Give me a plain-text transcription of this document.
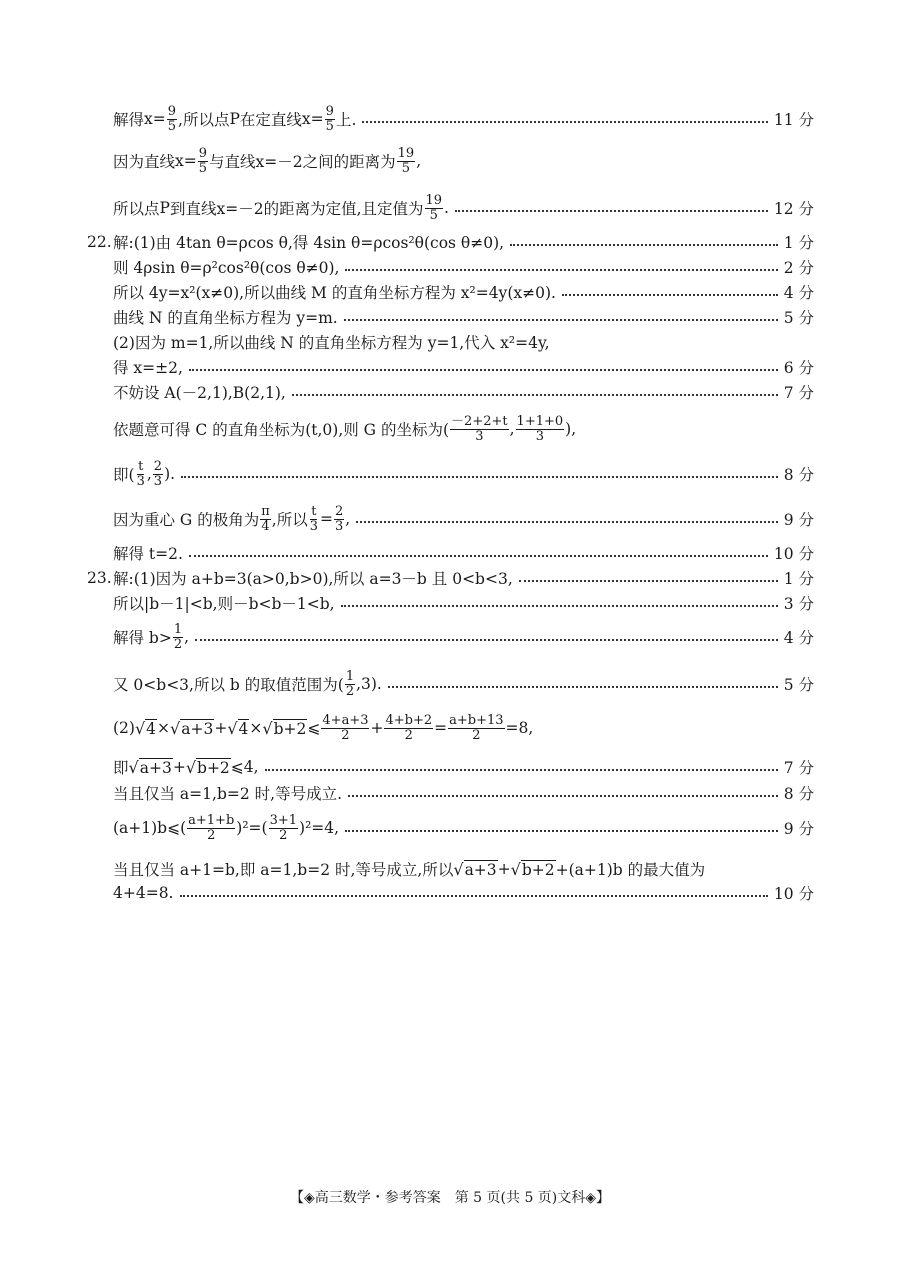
解得 $x= \frac{9}{5}$ ,所以点 P 在定直线 $x= \frac{9}{5}$ 上.	11 分
因为直线 $x= \frac{9}{5}$ 与直线 x=－2 之间的距离为 $\frac{19}{5}$ ,
所以点 P 到直线 x=－2 的距离为定值,且定值为 $\frac{19}{5}$ .	12 分
22. 解:(1)由 4tan θ=ρcos θ,得 4sin θ=ρcos²θ(cos θ≠0),	1 分
则 4ρsin θ=ρ²cos²θ(cos θ≠0),	2 分
所以 4y=x²(x≠0),所以曲线 M 的直角坐标方程为 x²=4y(x≠0).	4 分
曲线 N 的直角坐标方程为 y=m.	5 分
(2)因为 m=1,所以曲线 N 的直角坐标方程为 y=1,代入 x²=4y,
得 x=±2,	6 分
不妨设 A(－2,1),B(2,1),	7 分
依题意可得 C 的直角坐标为(t,0),则 G 的坐标为( $\frac{-2+2+t}{3}$ , $\frac{1+1+0}{3}$ ),
即( $\frac{t}{3}$ , $\frac{2}{3}$ ).	8 分
因为重心 G 的极角为 $\frac{\pi}{4}$ ,所以 $\frac{t}{3} = \frac{2}{3}$ ,	9 分
解得 t=2.	10 分
23. 解:(1)因为 a+b=3(a>0,b>0),所以 a=3－b 且 0<b<3,	1 分
所以|b－1|<b,则－b<b－1<b,	3 分
解得 $b> \frac{1}{2}$ ,	4 分
又 0<b<3,所以 b 的取值范围为( $\frac{1}{2} ,3$).	5 分
(2) √ 4 × √ a+3 + √ 4 × √ b+2 ⩽ $\frac{4+a+3}{2} + \frac{4+b+2}{2} = \frac{a+b+13}{2} =8$,
即 √ a+3 + √ b+2 ⩽4,	7 分
当且仅当 a=1,b=2 时,等号成立.	8 分
(a+1)b⩽( $\frac{a+1+b}{2} )^2=( \frac{3+1}{2} )^2=4$,	9 分
当且仅当 a+1=b,即 a=1,b=2 时,等号成立,所以 √ a+3 + √ b+2 +(a+1)b 的最大值为
4+4=8.	10 分
【◈高三数学・参考答案　第 5 页(共 5 页)文科◈】
